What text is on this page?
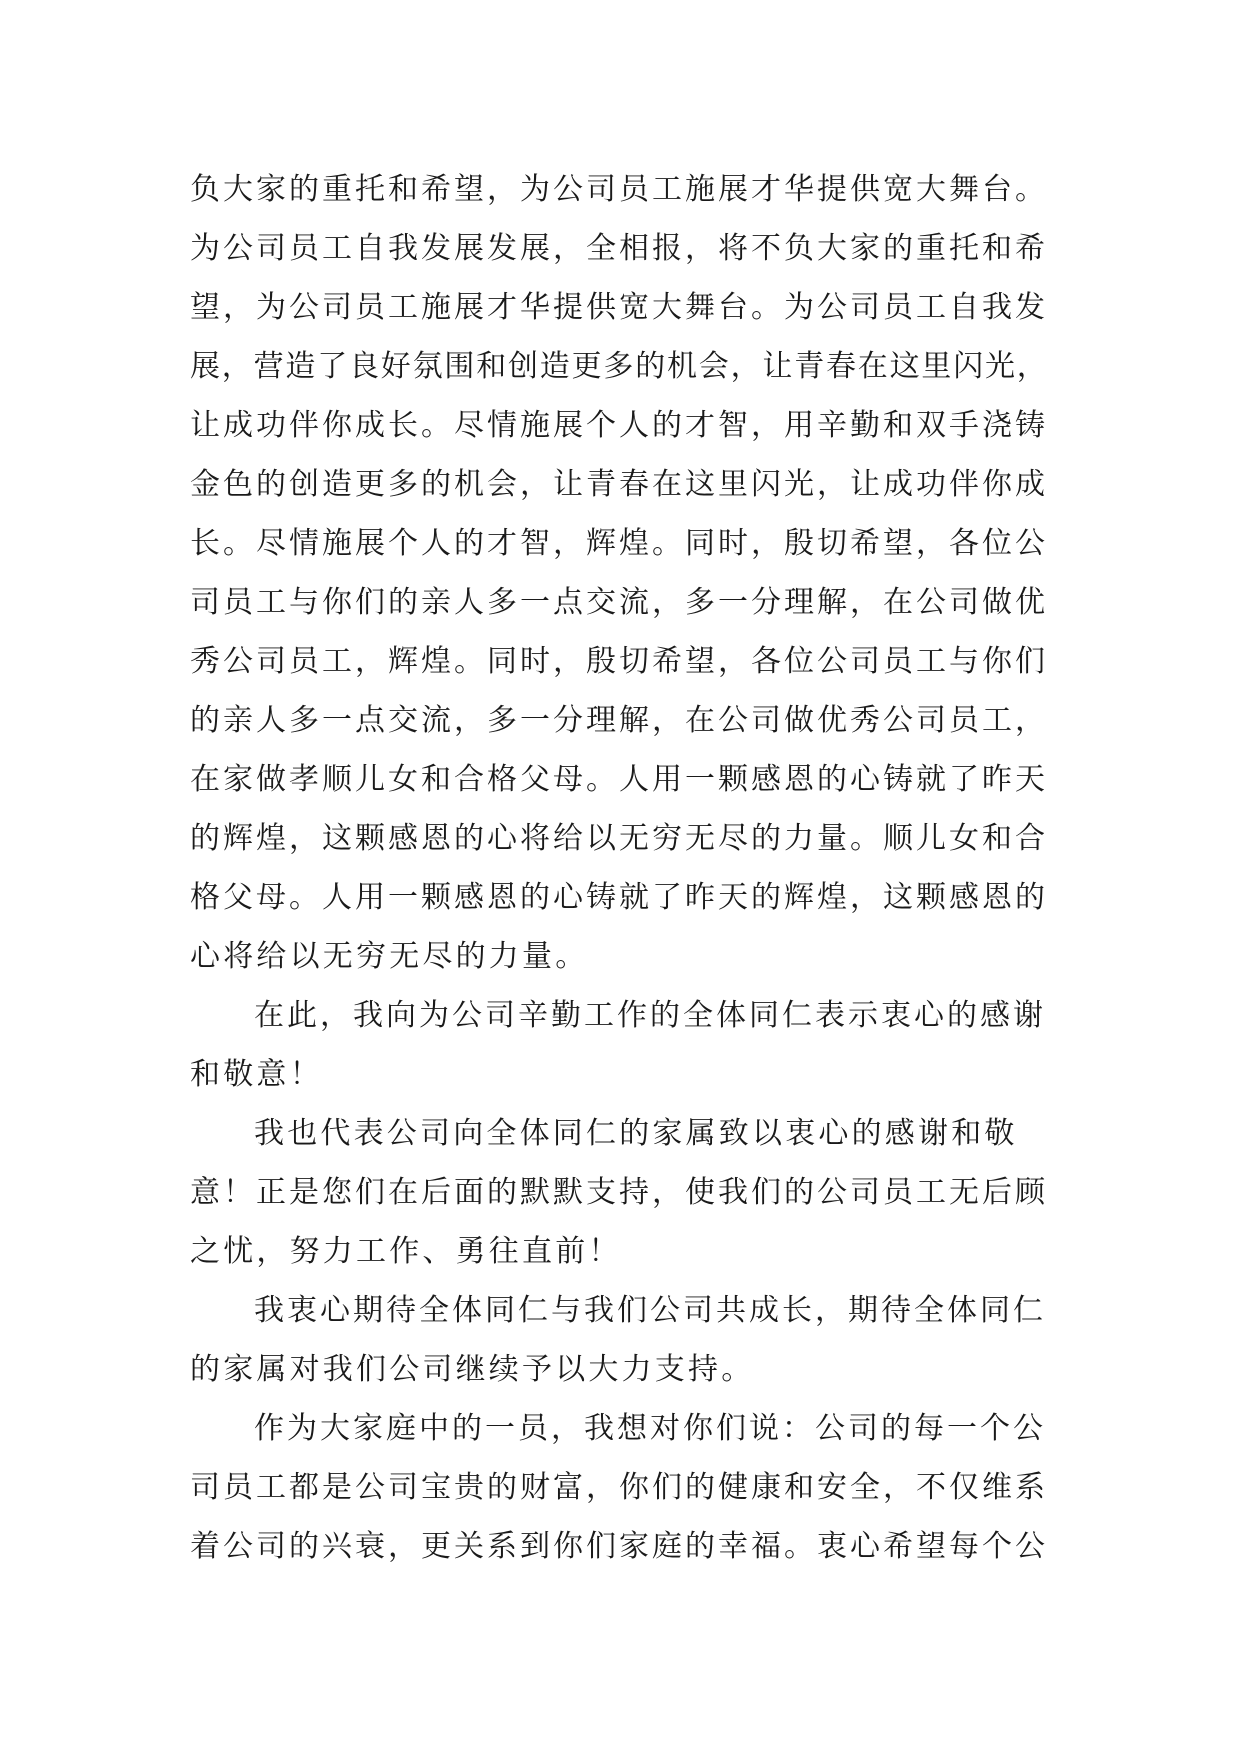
负大家的重托和希望，为公司员工施展才华提供宽大舞台。
为公司员工自我发展发展，全相报，将不负大家的重托和希
望，为公司员工施展才华提供宽大舞台。为公司员工自我发
展，营造了良好氛围和创造更多的机会，让青春在这里闪光，
让成功伴你成长。尽情施展个人的才智，用辛勤和双手浇铸
金色的创造更多的机会，让青春在这里闪光，让成功伴你成
长。尽情施展个人的才智，辉煌。同时，殷切希望，各位公
司员工与你们的亲人多一点交流，多一分理解，在公司做优
秀公司员工，辉煌。同时，殷切希望，各位公司员工与你们
的亲人多一点交流，多一分理解，在公司做优秀公司员工，
在家做孝顺儿女和合格父母。人用一颗感恩的心铸就了昨天
的辉煌，这颗感恩的心将给以无穷无尽的力量。顺儿女和合
格父母。人用一颗感恩的心铸就了昨天的辉煌，这颗感恩的
心将给以无穷无尽的力量。
在此，我向为公司辛勤工作的全体同仁表示衷心的感谢
和敬意！
我也代表公司向全体同仁的家属致以衷心的感谢和敬
意！正是您们在后面的默默支持，使我们的公司员工无后顾
之忧，努力工作、勇往直前！
我衷心期待全体同仁与我们公司共成长，期待全体同仁
的家属对我们公司继续予以大力支持。
作为大家庭中的一员，我想对你们说：公司的每一个公
司员工都是公司宝贵的财富，你们的健康和安全，不仅维系
着公司的兴衰，更关系到你们家庭的幸福。衷心希望每个公
